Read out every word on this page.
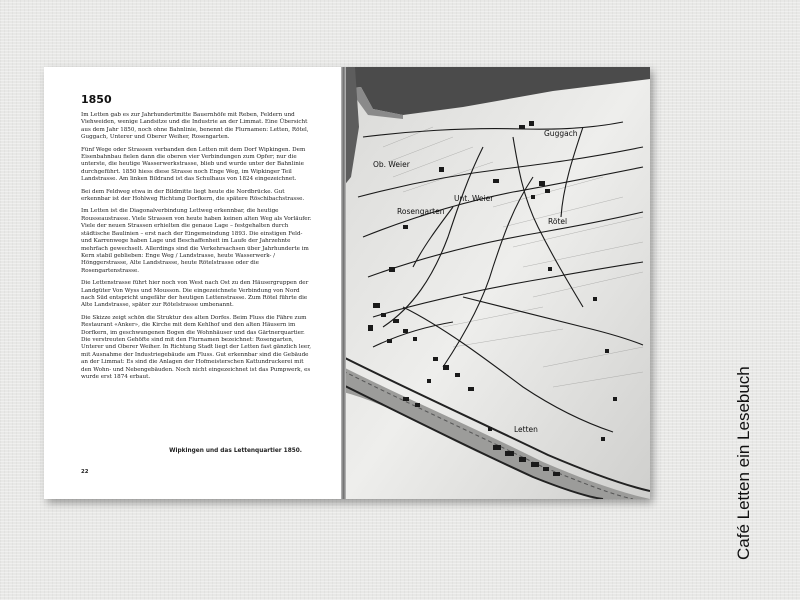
1850

Im Letten gab es zur Jahrhundertmitte Bauernhöfe mit Reben, Feldern und Viehweiden, wenige Landsitze und die Industrie an der Limmat. Eine Übersicht aus dem Jahr 1850, noch ohne Bahnlinie, benennt die Flurnamen: Letten, Rötel, Guggach, Unterer und Oberer Weiher, Rosengarten.

Fünf Wege oder Strassen verbanden den Letten mit dem Dorf Wipkingen. Dem Eisenbahnbau fielen dann die oberen vier Verbindungen zum Opfer; nur die unterste, die heutige Wasserwerkstrasse, blieb und wurde unter der Bahnlinie durchgeführt. 1850 hiess diese Strasse noch Enge Weg, im Wipkinger Teil Landstrasse. Am linken Bildrand ist das Schulhaus von 1824 eingezeichnet.

Bei dem Feldweg etwa in der Bildmitte liegt heute die Nordbrücke. Gut erkennbar ist der Hohlweg Richtung Dorfkern, die spätere Röschibachstrasse.

Im Letten ist die Diagonalverbindung Lettweg erkennbar, die heutige Rousseaustrasse. Viele Strassen von heute haben keinen alten Weg als Vorläufer. Viele der neuen Strassen erhielten die genaue Lage – festgehalten durch städtische Baulinien – erst nach der Eingemeindung 1893. Die einstigen Feld- und Karrenwege haben Lage und Beschaffenheit im Laufe der Jahrzehnte mehrfach gewechselt. Allerdings sind die Verkehrsachsen über Jahrhunderte im Kern stabil geblieben: Enge Weg / Landstrasse, heute Wasserwerk- / Hönggerstrasse, Alte Landstrasse, heute Rötelstrasse oder die Rosengartenstrasse.

Die Lettenstrasse führt hier noch von West nach Ost zu den Häusergruppen der Landgüter Von Wyss und Mousson. Die eingezeichnete Verbindung von Nord nach Süd entspricht ungefähr der heutigen Lettenstrasse. Zum Rötel führte die Alte Landstrasse, später zur Rötelstrasse umbenannt.

Die Skizze zeigt schön die Struktur des alten Dorfes. Beim Fluss die Fähre zum Restaurant «Anker», die Kirche mit dem Kehlhof und den alten Häusern im Dorfkern, im geschwungenen Bogen die Wohnhäuser und das Gärtnerquartier. Die verstreuten Gehöfte sind mit den Flurnamen bezeichnet: Rosengarten, Unterer und Oberer Weiher. In Richtung Stadt liegt der Letten fast gänzlich leer, mit Ausnahme der Industriegebäude am Fluss. Gut erkennbar sind die Gebäude an der Limmat: Es sind die Anlagen der Hofmeisterschen Kattundruckerei mit den Wohn- und Nebengebäuden. Noch nicht eingezeichnet ist das Pumpwerk, es wurde erst 1874 erbaut.

Wipkingen und das Lettenquartier 1850.
22
Guggach
Ob. Weier
Rosengarten
Unt. Weier
Rötel
Letten	Café Letten ein Lesebuch
